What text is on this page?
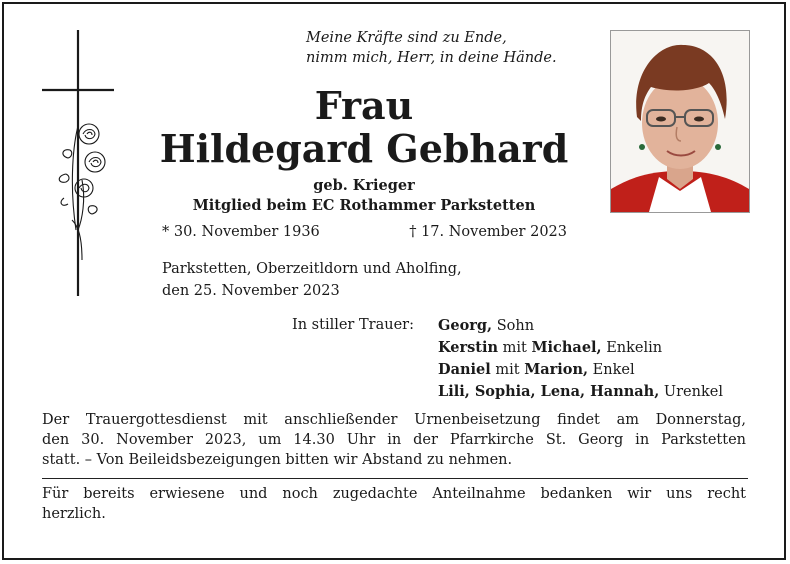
Meine Kräfte sind zu Ende,
nimm mich, Herr, in deine Hände.
Frau
Hildegard Gebhard
geb. Krieger
Mitglied beim EC Rothammer Parkstetten
* 30. November 1936	† 17. November 2023
Parkstetten, Oberzeitldorn und Aholfing,
den 25. November 2023
In stiller Trauer: Georg, Sohn
Kerstin mit Michael, Enkelin
Daniel mit Marion, Enkel
Lili, Sophia, Lena, Hannah, Urenkel
Der Trauergottesdienst mit anschließender Urnenbeisetzung findet am Donnerstag,
den 30. November 2023, um 14.30 Uhr in der Pfarrkirche St. Georg in Parkstetten
statt. – Von Beileidsbezeigungen bitten wir Abstand zu nehmen.
Für bereits erwiesene und noch zugedachte Anteilnahme bedanken wir uns recht
herzlich.
